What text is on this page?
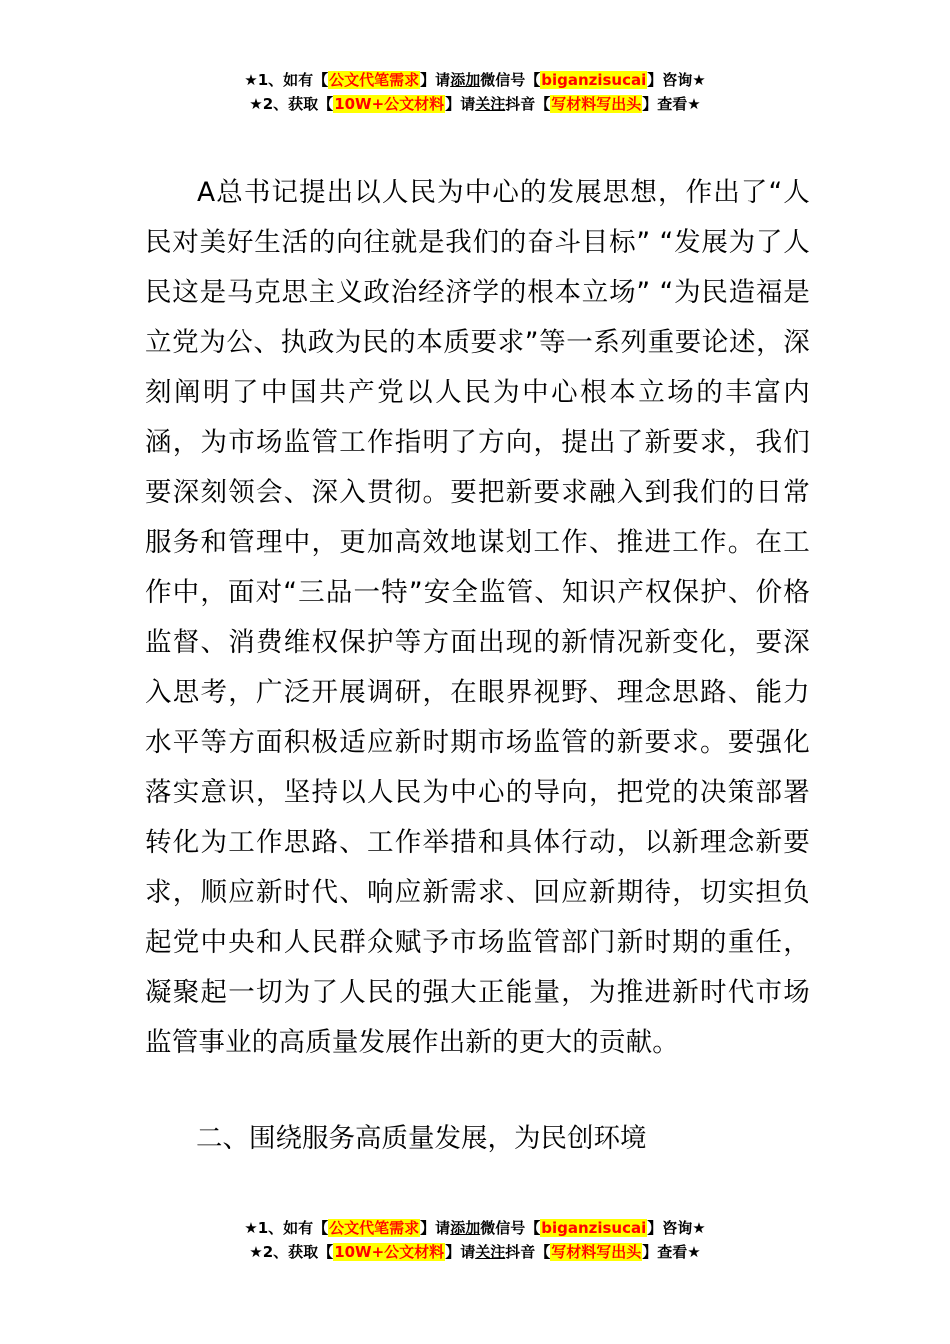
★1、如有【公文代笔需求】请添加微信号【biganzisucai】咨询★
★2、获取【10W+公文材料】请关注抖音【写材料写出头】查看★

A总书记提出以人民为中心的发展思想，作出了“人民对美好生活的向往就是我们的奋斗目标” “发展为了人民这是马克思主义政治经济学的根本立场” “为民造福是立党为公、执政为民的本质要求”等一系列重要论述，深刻阐明了中国共产党以人民为中心根本立场的丰富内涵，为市场监管工作指明了方向，提出了新要求，我们要深刻领会、深入贯彻。要把新要求融入到我们的日常服务和管理中，更加高效地谋划工作、推进工作。在工作中，面对“三品一特”安全监管、知识产权保护、价格监督、消费维权保护等方面出现的新情况新变化，要深入思考，广泛开展调研，在眼界视野、理念思路、能力水平等方面积极适应新时期市场监管的新要求。要强化落实意识，坚持以人民为中心的导向，把党的决策部署转化为工作思路、工作举措和具体行动，以新理念新要求，顺应新时代、响应新需求、回应新期待，切实担负起党中央和人民群众赋予市场监管部门新时期的重任，凝聚起一切为了人民的强大正能量，为推进新时代市场监管事业的高质量发展作出新的更大的贡献。

二、围绕服务高质量发展，为民创环境

★1、如有【公文代笔需求】请添加微信号【biganzisucai】咨询★
★2、获取【10W+公文材料】请关注抖音【写材料写出头】查看★
